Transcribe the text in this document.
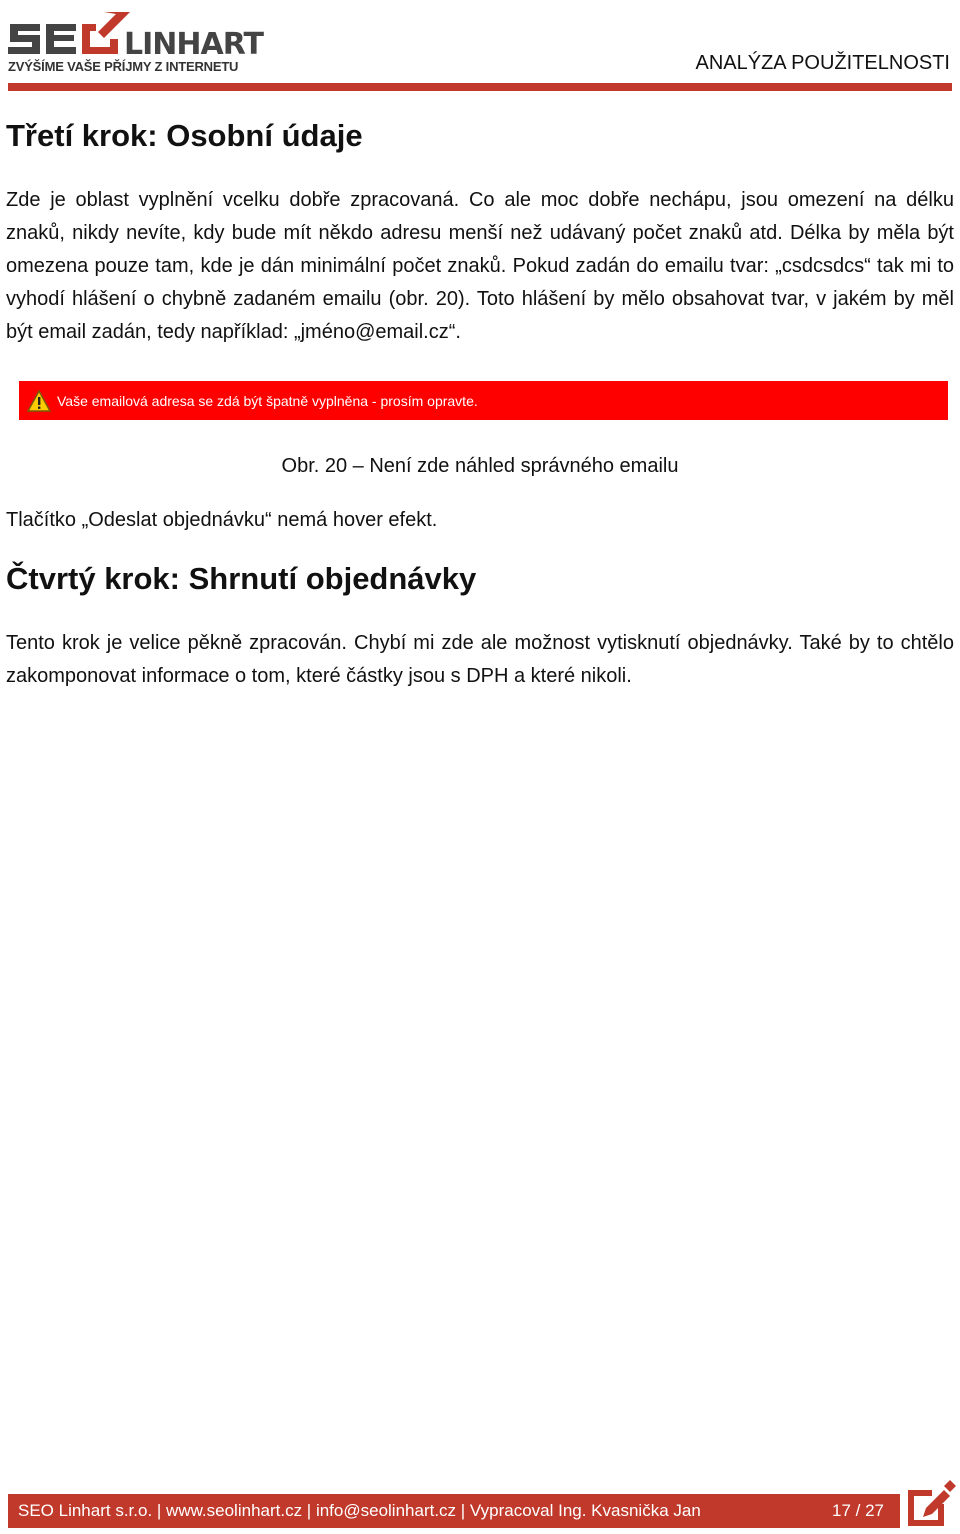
LINHART
ZVÝŠÍME VAŠE PŘÍJMY Z INTERNETU	ANALÝZA POUŽITELNOSTI
Třetí krok: Osobní údaje

Zde je oblast vyplnění vcelku dobře zpracovaná. Co ale moc dobře nechápu, jsou omezení na délku znaků, nikdy nevíte, kdy bude mít někdo adresu menší než udávaný počet znaků atd. Délka by měla být omezena pouze tam, kde je dán minimální počet znaků. Pokud zadán do emailu tvar: „csdcsdcs“ tak mi to vyhodí hlášení o chybně zadaném emailu (obr. 20). Toto hlášení by mělo obsahovat tvar, v jakém by měl být email zadán, tedy například: „jméno@email.cz“.

Vaše emailová adresa se zdá být špatně vyplněna - prosím opravte.
Obr. 20 – Není zde náhled správného emailu

Tlačítko „Odeslat objednávku“ nemá hover efekt.

Čtvrtý krok: Shrnutí objednávky

Tento krok je velice pěkně zpracován. Chybí mi zde ale možnost vytisknutí objednávky. Také by to chtělo zakomponovat informace o tom, které částky jsou s DPH a které nikoli.

SEO Linhart s.r.o. | www.seolinhart.cz | info@seolinhart.cz | Vypracoval Ing. Kvasnička Jan	17 / 27
